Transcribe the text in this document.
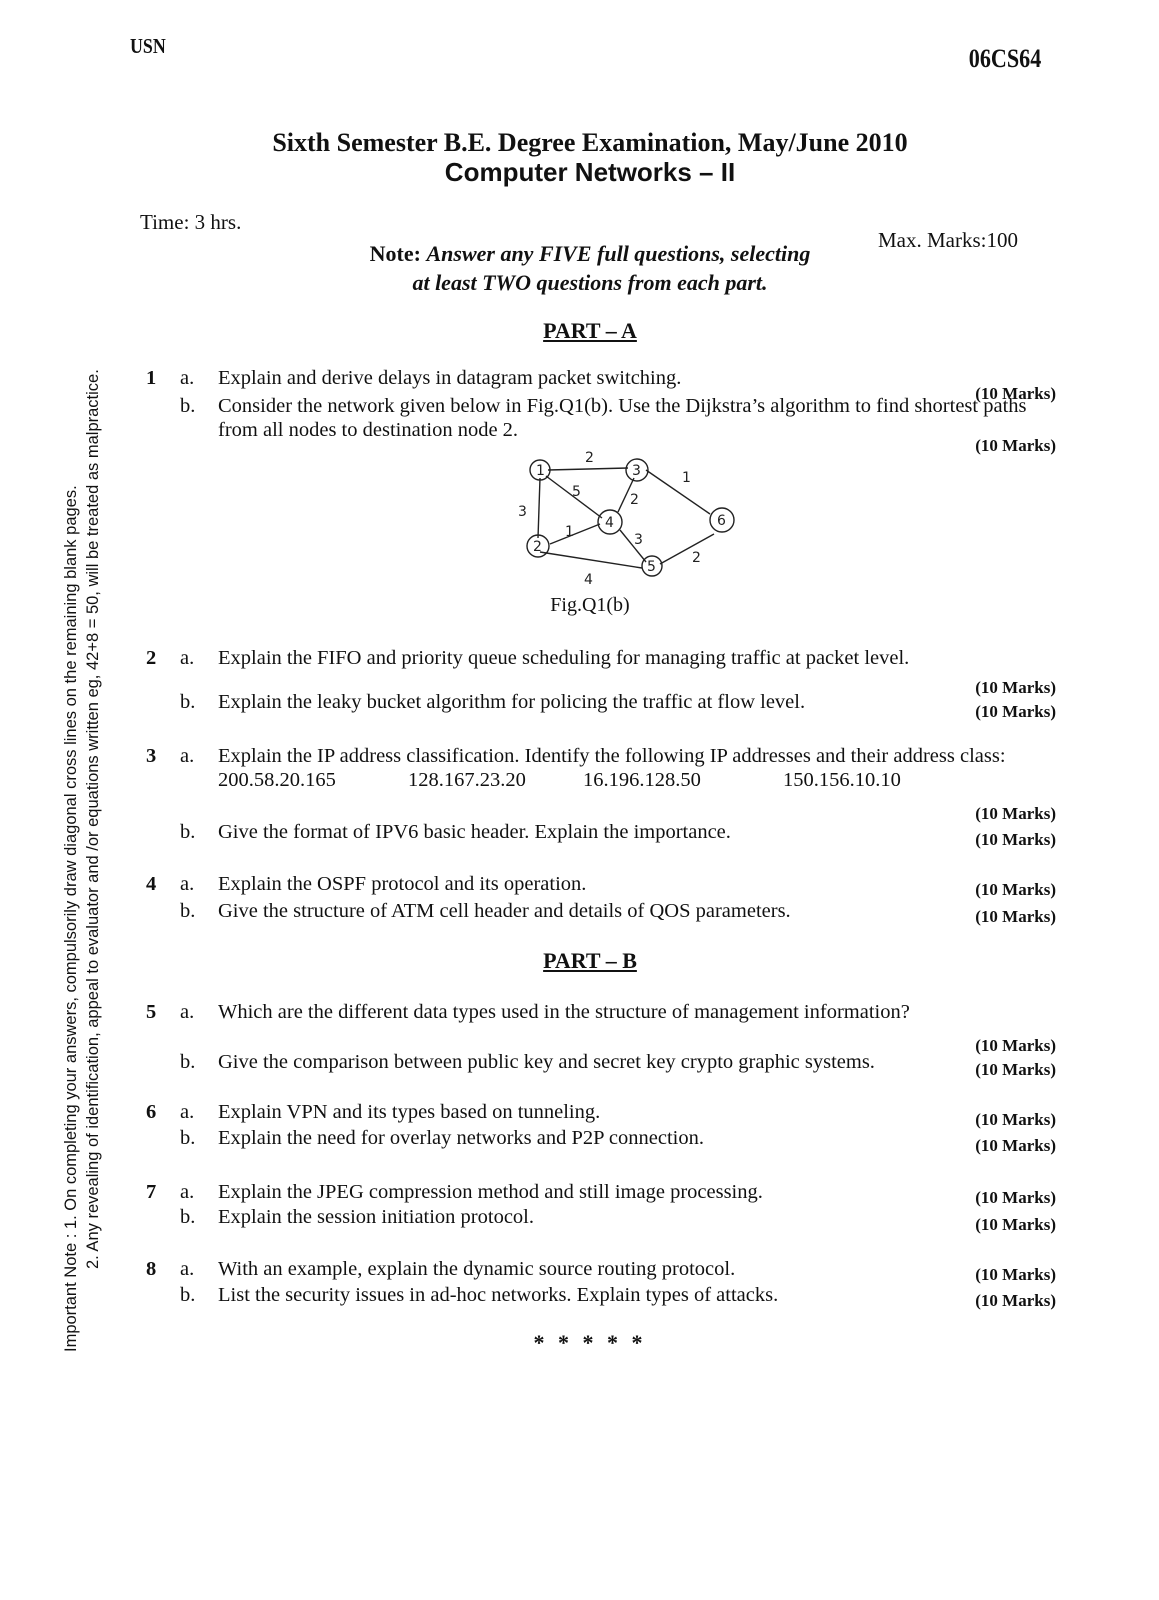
USN	06CS64
Sixth Semester B.E. Degree Examination, May/June 2010
Computer Networks – II
Time: 3 hrs.
Max. Marks:100
Note: Answer any FIVE full questions, selecting
at least TWO questions from each part.
Important Note : 1. On completing your answers, compulsorily draw diagonal cross lines on the remaining blank pages. 2. Any revealing of identification, appeal to evaluator and /or equations written eg, 42+8 = 50, will be treated as malpractice.
PART – A
1 a. Explain and derive delays in datagram packet switching.
(10 Marks)
b. Consider the network given below in Fig.Q1(b). Use the Dijkstra’s algorithm to find shortest paths from all nodes to destination node 2.
(10 Marks)
1	3
4
2
5
6
2
3
5	2
1
1	3
4
2
Fig.Q1(b)
2 a. Explain the FIFO and priority queue scheduling for managing traffic at packet level.
(10 Marks)
b. Explain the leaky bucket algorithm for policing the traffic at flow level.	(10 Marks)
3 a. Explain the IP address classification. Identify the following IP addresses and their address class:
200.58.20.165	128.167.23.20	16.196.128.50	150.156.10.10
(10 Marks)
b. Give the format of IPV6 basic header. Explain the importance.	(10 Marks)
4 a. Explain the OSPF protocol and its operation.	(10 Marks)
b. Give the structure of ATM cell header and details of QOS parameters.	(10 Marks)
PART – B
5 a. Which are the different data types used in the structure of management information?
(10 Marks)
b. Give the comparison between public key and secret key crypto graphic systems.	(10 Marks)
6 a. Explain VPN and its types based on tunneling.	(10 Marks)
b. Explain the need for overlay networks and P2P connection.	(10 Marks)
7 a. Explain the JPEG compression method and still image processing.	(10 Marks)
b. Explain the session initiation protocol.	(10 Marks)
8 a. With an example, explain the dynamic source routing protocol.	(10 Marks)
b. List the security issues in ad-hoc networks. Explain types of attacks.	(10 Marks)
* * * * *
